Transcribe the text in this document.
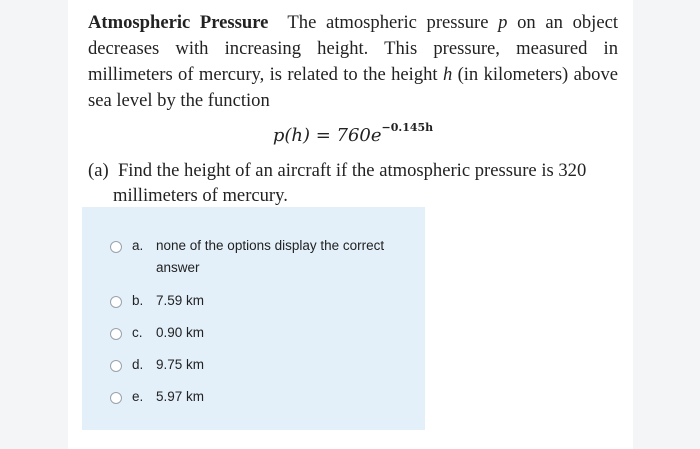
Atmospheric Pressure The atmospheric pressure p on an object decreases with increasing height. This pressure, measured in millimeters of mercury, is related to the height h (in kilometers) above sea level by the function

$p(h) = 760e^{-0.145h}$

(a) Find the height of an aircraft if the atmospheric pressure is 320 millimeters of mercury.

a. none of the options display the correct answer
b. 7.59 km
c. 0.90 km
d. 9.75 km
e. 5.97 km
